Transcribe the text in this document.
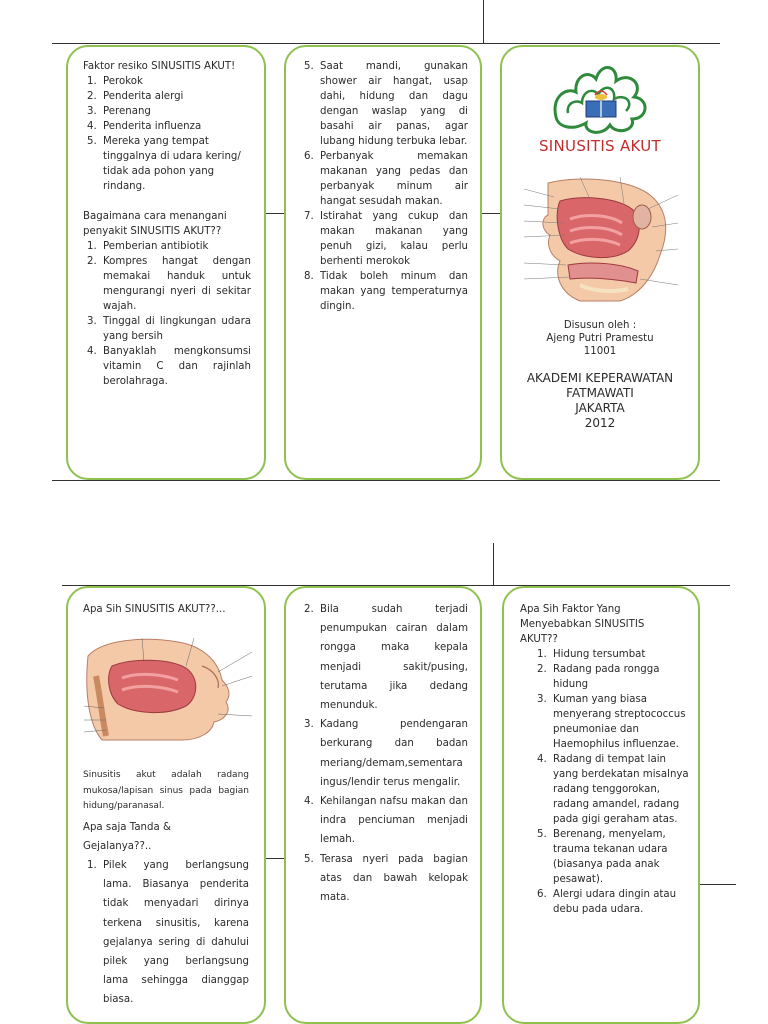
Faktor resiko SINUSITIS AKUT!

1. Perokok
2. Penderita alergi
3. Perenang
4. Penderita influenza
5. Mereka yang tempat tinggalnya di udara kering/ tidak ada pohon yang rindang.

Bagaimana cara menangani penyakit SINUSITIS AKUT??

1. Pemberian antibiotik
2. Kompres hangat dengan memakai handuk untuk mengurangi nyeri di sekitar wajah.
3. Tinggal di lingkungan udara yang bersih
4. Banyaklah mengkonsumsi vitamin C dan rajinlah berolahraga.
5. Saat mandi, gunakan shower air hangat, usap dahi, hidung dan dagu dengan waslap yang di basahi air panas, agar lubang hidung terbuka lebar.
6. Perbanyak memakan makanan yang pedas dan perbanyak minum air hangat sesudah makan.
7. Istirahat yang cukup dan makan makanan yang penuh gizi, kalau perlu berhenti merokok
8. Tidak boleh minum dan makan yang temperaturnya dingin.
SINUSITIS AKUT
Disusun oleh :
Ajeng Putri Pramestu
11001
AKADEMI KEPERAWATAN
FATMAWATI
JAKARTA
2012

Apa Sih SINUSITIS AKUT??...

Sinusitis akut adalah radang mukosa/lapisan sinus pada bagian hidung/paranasal.

Apa saja Tanda & Gejalanya??..

1. Pilek yang berlangsung lama. Biasanya penderita tidak menyadari dirinya terkena sinusitis, karena gejalanya sering di dahului pilek yang berlangsung lama sehingga dianggap biasa.
2. Bila sudah terjadi penumpukan cairan dalam rongga maka kepala menjadi sakit/pusing, terutama jika dedang menunduk.
3. Kadang pendengaran berkurang dan badan meriang/demam,sementara ingus/lendir terus mengalir.
4. Kehilangan nafsu makan dan indra penciuman menjadi lemah.
5. Terasa nyeri pada bagian atas dan bawah kelopak mata.

Apa Sih Faktor Yang Menyebabkan SINUSITIS AKUT??

1. Hidung tersumbat
2. Radang pada rongga hidung
3. Kuman yang biasa menyerang streptococcus pneumoniae dan Haemophilus influenzae.
4. Radang di tempat lain yang berdekatan misalnya radang tenggorokan, radang amandel, radang pada gigi geraham atas.
5. Berenang, menyelam, trauma tekanan udara (biasanya pada anak pesawat).
6. Alergi udara dingin atau debu pada udara.
